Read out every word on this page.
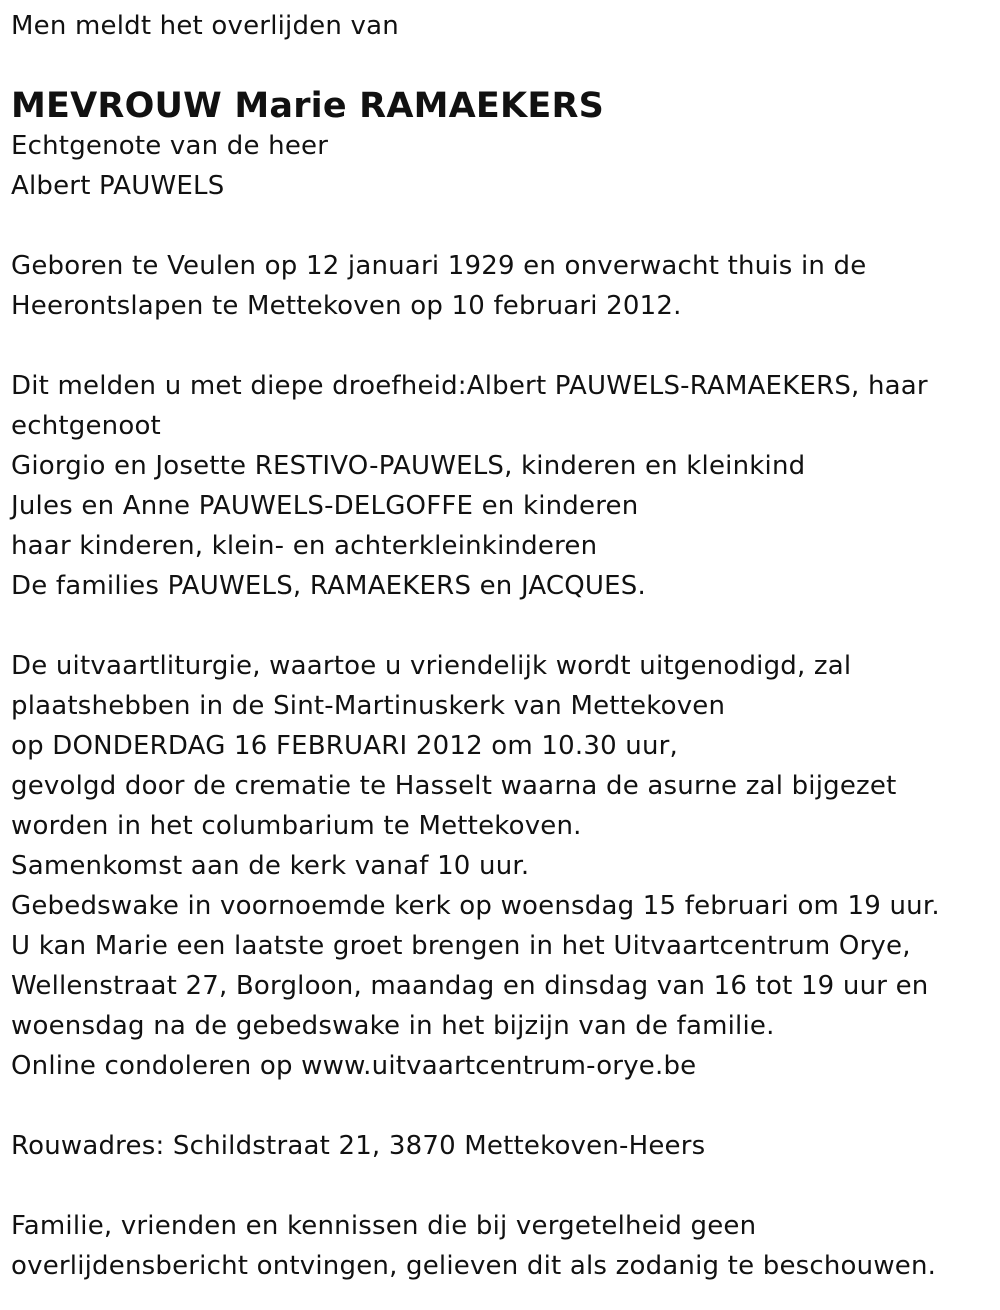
Men meldt het overlijden van
MEVROUW Marie RAMAEKERS
Echtgenote van de heer
Albert PAUWELS
Geboren te Veulen op 12 januari 1929 en onverwacht thuis in de
Heerontslapen te Mettekoven op 10 februari 2012.
Dit melden u met diepe droefheid:Albert PAUWELS-RAMAEKERS, haar
echtgenoot
Giorgio en Josette RESTIVO-PAUWELS, kinderen en kleinkind
Jules en Anne PAUWELS-DELGOFFE en kinderen
haar kinderen, klein- en achterkleinkinderen
De families PAUWELS, RAMAEKERS en JACQUES.
De uitvaartliturgie, waartoe u vriendelijk wordt uitgenodigd, zal
plaatshebben in de Sint-Martinuskerk van Mettekoven
op DONDERDAG 16 FEBRUARI 2012 om 10.30 uur,
gevolgd door de crematie te Hasselt waarna de asurne zal bijgezet
worden in het columbarium te Mettekoven.
Samenkomst aan de kerk vanaf 10 uur.
Gebedswake in voornoemde kerk op woensdag 15 februari om 19 uur.
U kan Marie een laatste groet brengen in het Uitvaartcentrum Orye,
Wellenstraat 27, Borgloon, maandag en dinsdag van 16 tot 19 uur en
woensdag na de gebedswake in het bijzijn van de familie.
Online condoleren op www.uitvaartcentrum-orye.be
Rouwadres: Schildstraat 21, 3870 Mettekoven-Heers
Familie, vrienden en kennissen die bij vergetelheid geen
overlijdensbericht ontvingen, gelieven dit als zodanig te beschouwen.
